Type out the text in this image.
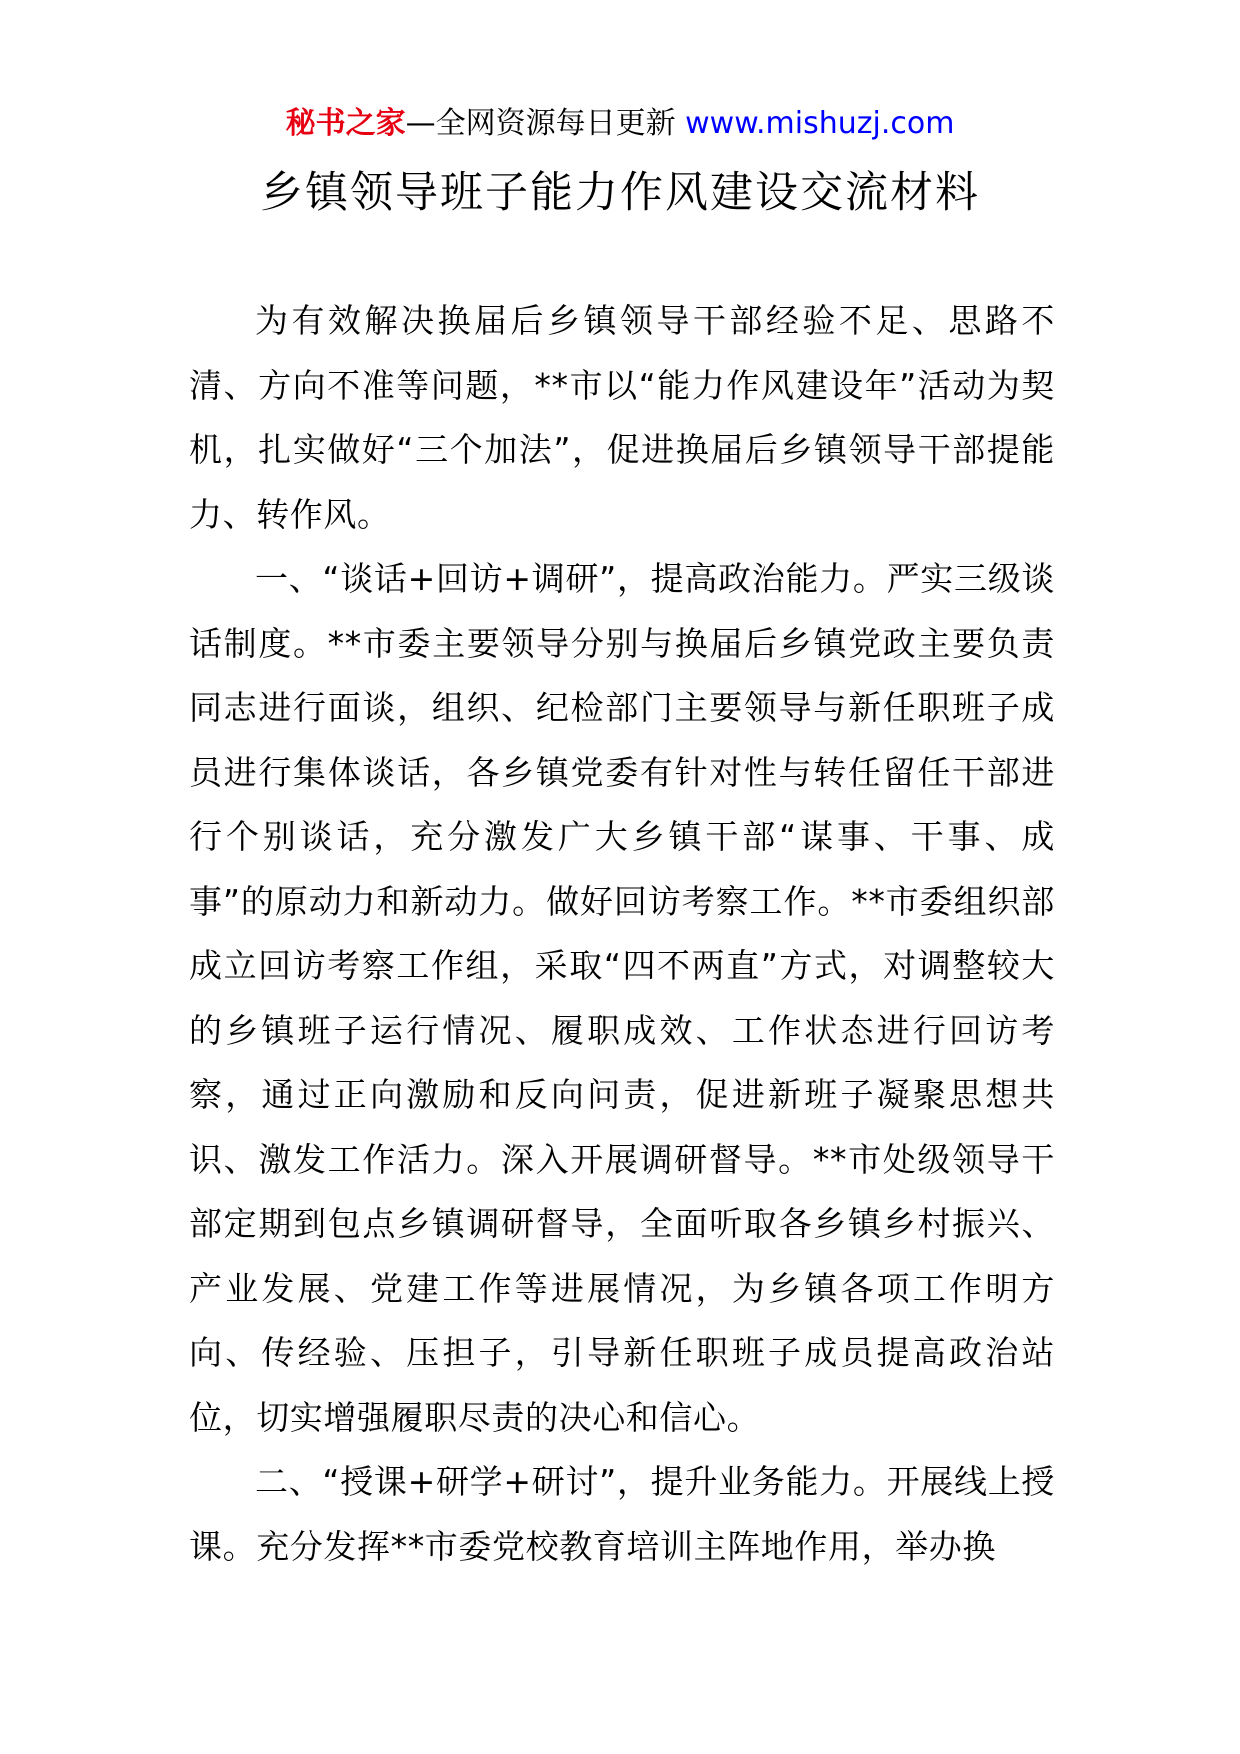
秘书之家—全网资源每日更新 www.mishuzj.com
乡镇领导班子能力作风建设交流材料

为有效解决换届后乡镇领导干部经验不足、思路不清、方向不准等问题，**市以“能力作风建设年”活动为契机，扎实做好“三个加法”，促进换届后乡镇领导干部提能力、转作风。

一、“谈话+回访+调研”，提高政治能力。严实三级谈话制度。**市委主要领导分别与换届后乡镇党政主要负责同志进行面谈，组织、纪检部门主要领导与新任职班子成员进行集体谈话，各乡镇党委有针对性与转任留任干部进行个别谈话，充分激发广大乡镇干部“谋事、干事、成事”的原动力和新动力。做好回访考察工作。**市委组织部成立回访考察工作组，采取“四不两直”方式，对调整较大的乡镇班子运行情况、履职成效、工作状态进行回访考察，通过正向激励和反向问责，促进新班子凝聚思想共识、激发工作活力。深入开展调研督导。**市处级领导干部定期到包点乡镇调研督导，全面听取各乡镇乡村振兴、产业发展、党建工作等进展情况，为乡镇各项工作明方向、传经验、压担子，引导新任职班子成员提高政治站位，切实增强履职尽责的决心和信心。

二、“授课+研学+研讨”，提升业务能力。开展线上授课。充分发挥**市委党校教育培训主阵地作用，举办换
